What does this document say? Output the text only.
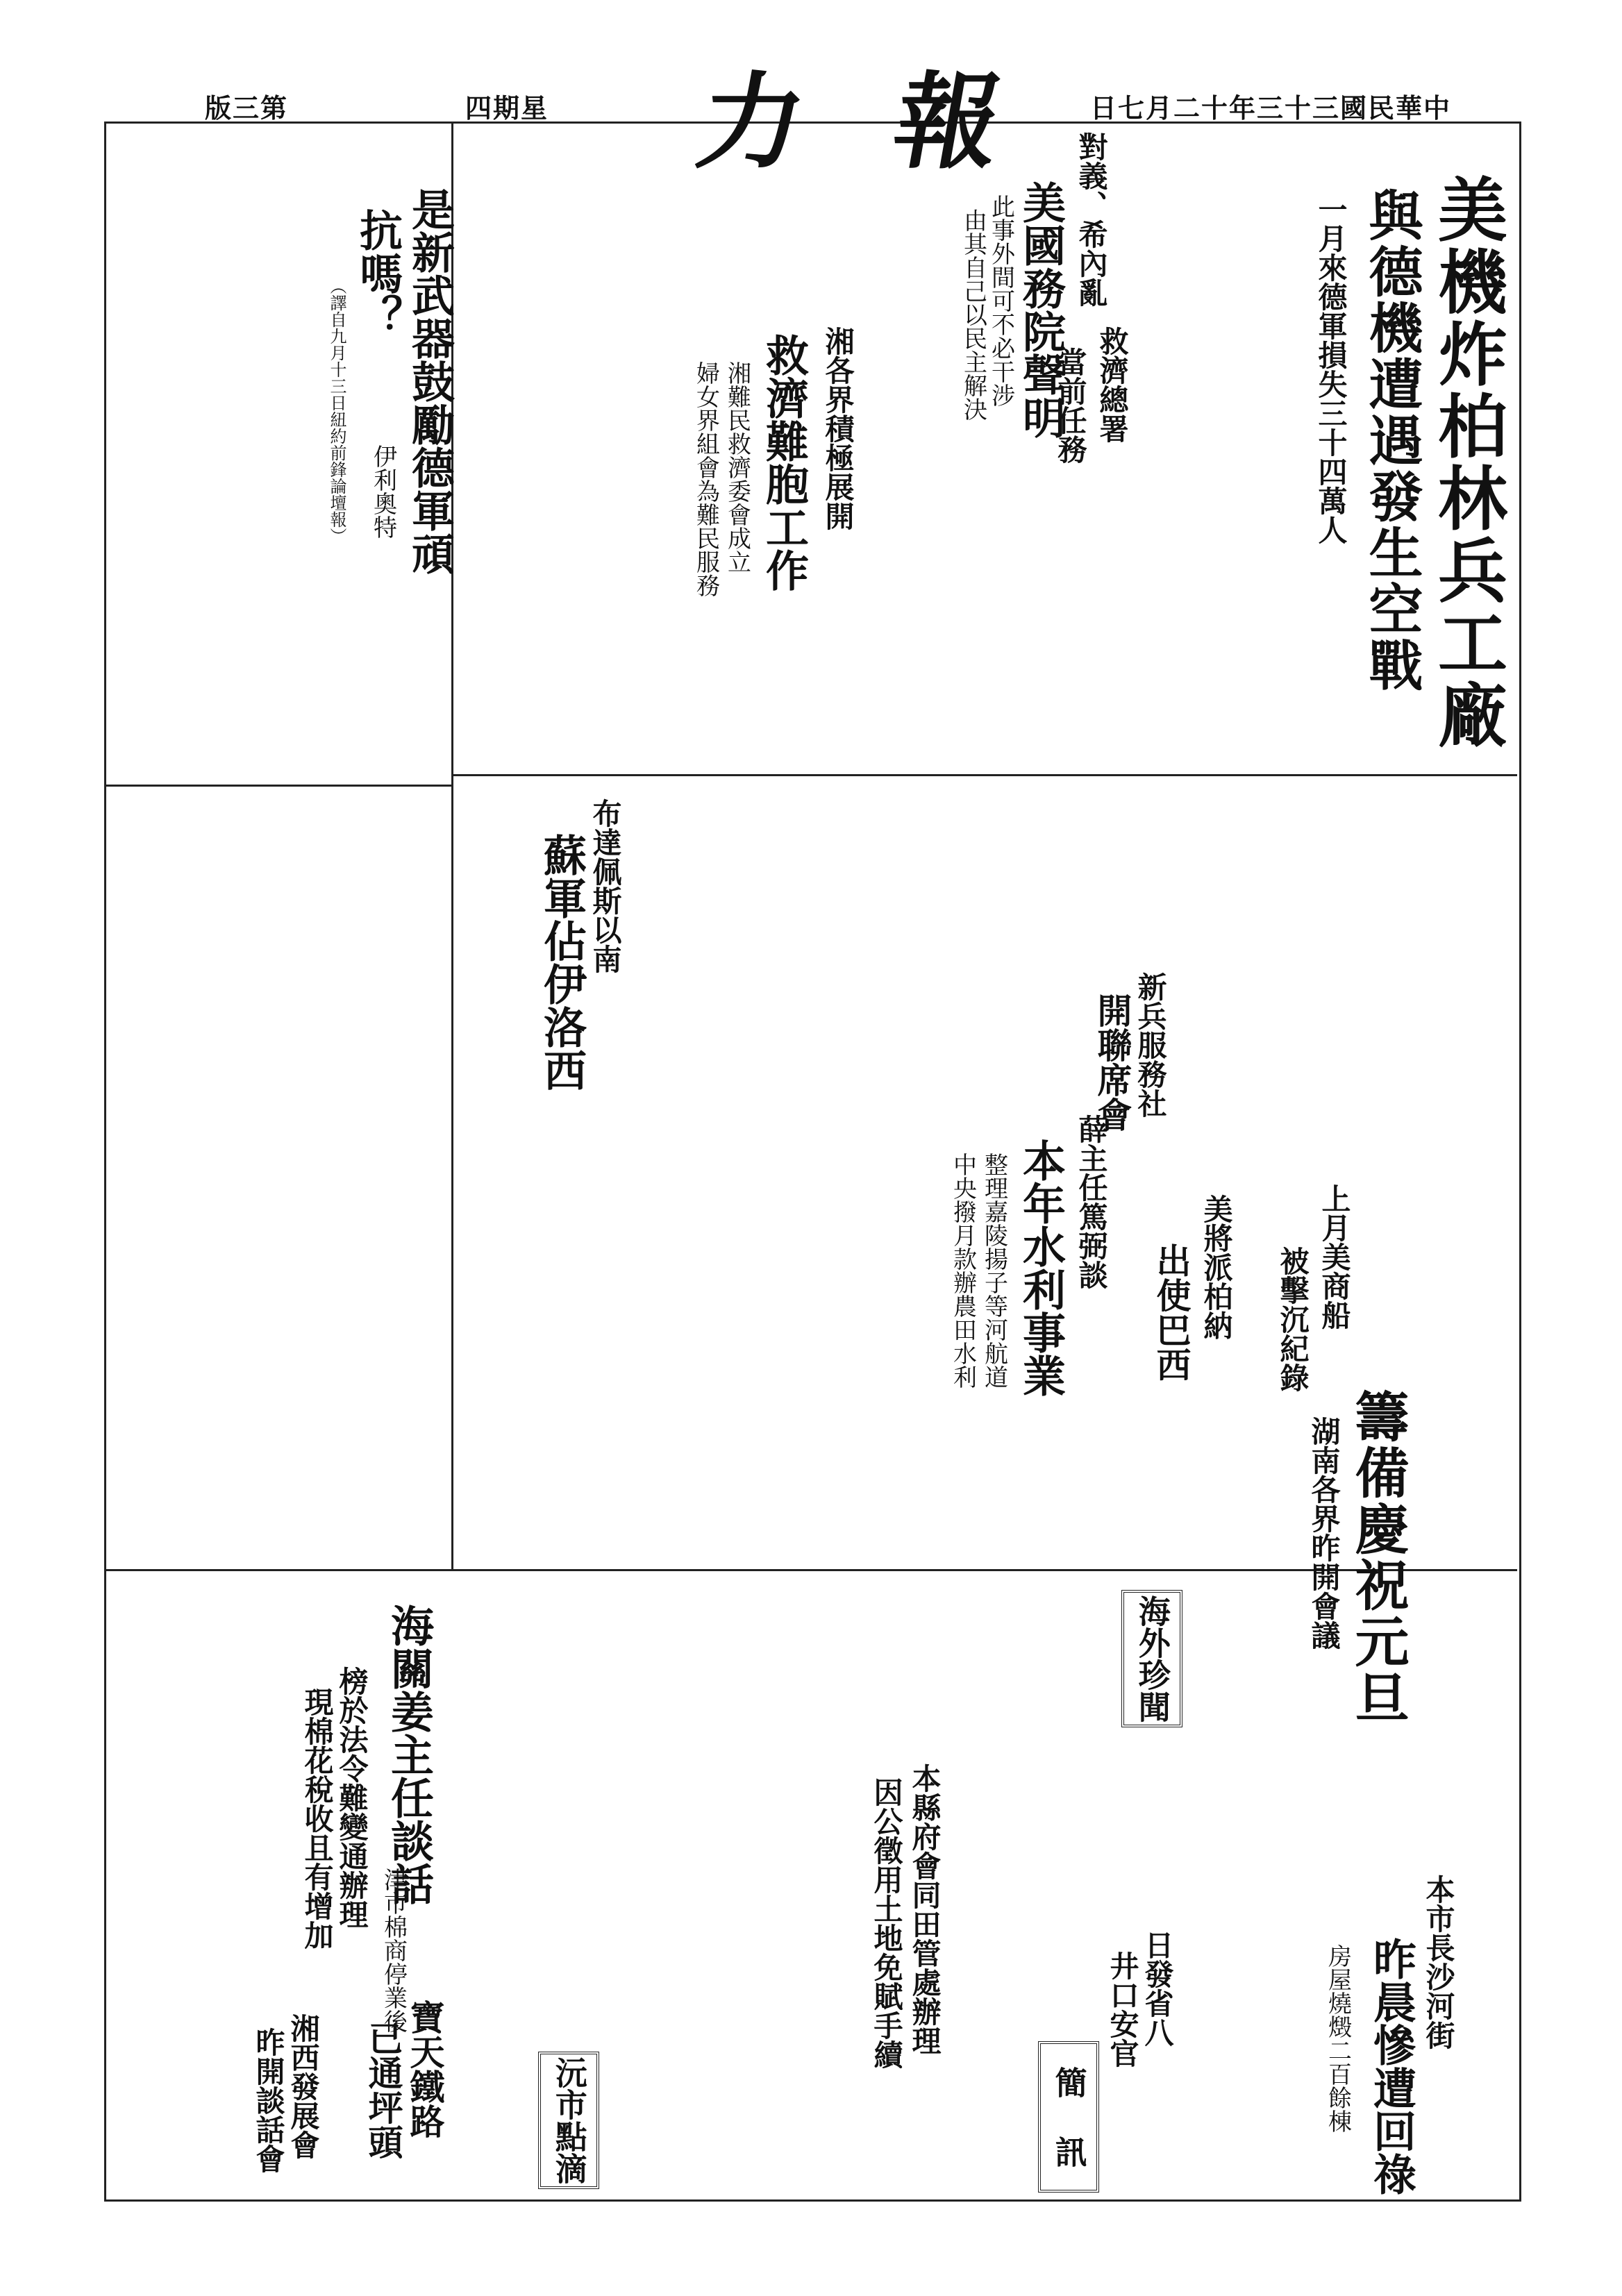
日七月二十年三十三國民華中
四期星
版三第	力 報
美機炸柏林兵工廠
與德機遭遇發生空戰
一月來德軍損失三十四萬人
對義、希內亂
美國務院聲明
此事外間可不必干涉
由其自己以民主解決	救濟總署
當前任務
湘各界積極展開
救濟難胞工作
湘難民救濟委會成立
婦女界組會為難民服務
是新武器鼓勵德軍頑
抗嗎？
伊利奧特
（譯自九月十三日紐約前鋒論壇報）
布達佩斯以南
蘇軍佔伊洛西	新兵服務社
開聯席會
薛主任篤弼談
本年水利事業
整理嘉陵揚子等河航道
中央撥月款辦農田水利	美將派柏納
出使巴西	上月美商船
被擊沉紀錄
籌備慶祝元旦
湖南各界昨開會議
海外珍聞
本市長沙河街
昨晨慘遭回祿
房屋燒燬二百餘棟
本縣府會同田管處辦理
因公徵用土地免賦手續	日發省八
井口安官
簡 訊
海關姜主任談話
榜於法令難變通辦理
現棉花稅收且有增加
津市棉商停業後
寶天鐵路
已通坪頭
湘西發展會
昨開談話會	沅市點滴
